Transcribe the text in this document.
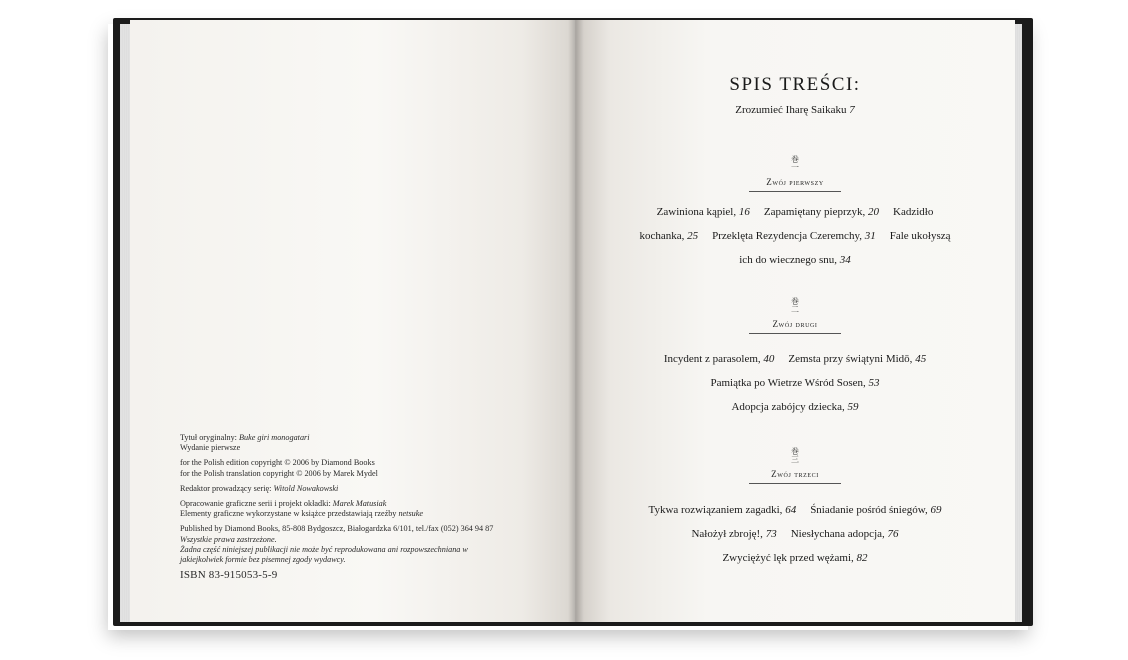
Tytuł oryginalny: Buke giri monogatari
Wydanie pierwsze
for the Polish edition copyright © 2006 by Diamond Books
for the Polish translation copyright © 2006 by Marek Mydel
Redaktor prowadzący serię: Witold Nowakowski
Opracowanie graficzne serii i projekt okładki: Marek Matusiak
Elementy graficzne wykorzystane w książce przedstawiają rzeźby netsuke
Published by Diamond Books, 85-808 Bydgoszcz, Białogardzka 6/101, tel./fax (052) 364 94 87
Wszystkie prawa zastrzeżone.
Żadna część niniejszej publikacji nie może być reprodukowana ani rozpowszechniana w
jakiejkolwiek formie bez pisemnej zgody wydawcy.
ISBN 83-915053-5-9
SPIS TREŚCI:
Zrozumieć Iharę Saikaku 7
巻
一
Zwój pierwszy
Zawiniona kąpiel, 16 Zapamiętany pieprzyk, 20 Kadzidło
kochanka, 25 Przeklęta Rezydencja Czeremchy, 31 Fale ukołyszą
ich do wiecznego snu, 34
巻
二
Zwój drugi
Incydent z parasolem, 40 Zemsta przy świątyni Midō, 45
Pamiątka po Wietrze Wśród Sosen, 53
Adopcja zabójcy dziecka, 59
巻
三
Zwój trzeci
Tykwa rozwiązaniem zagadki, 64 Śniadanie pośród śniegów, 69
Nałożył zbroję!, 73 Niesłychana adopcja, 76
Zwyciężyć lęk przed wężami, 82
